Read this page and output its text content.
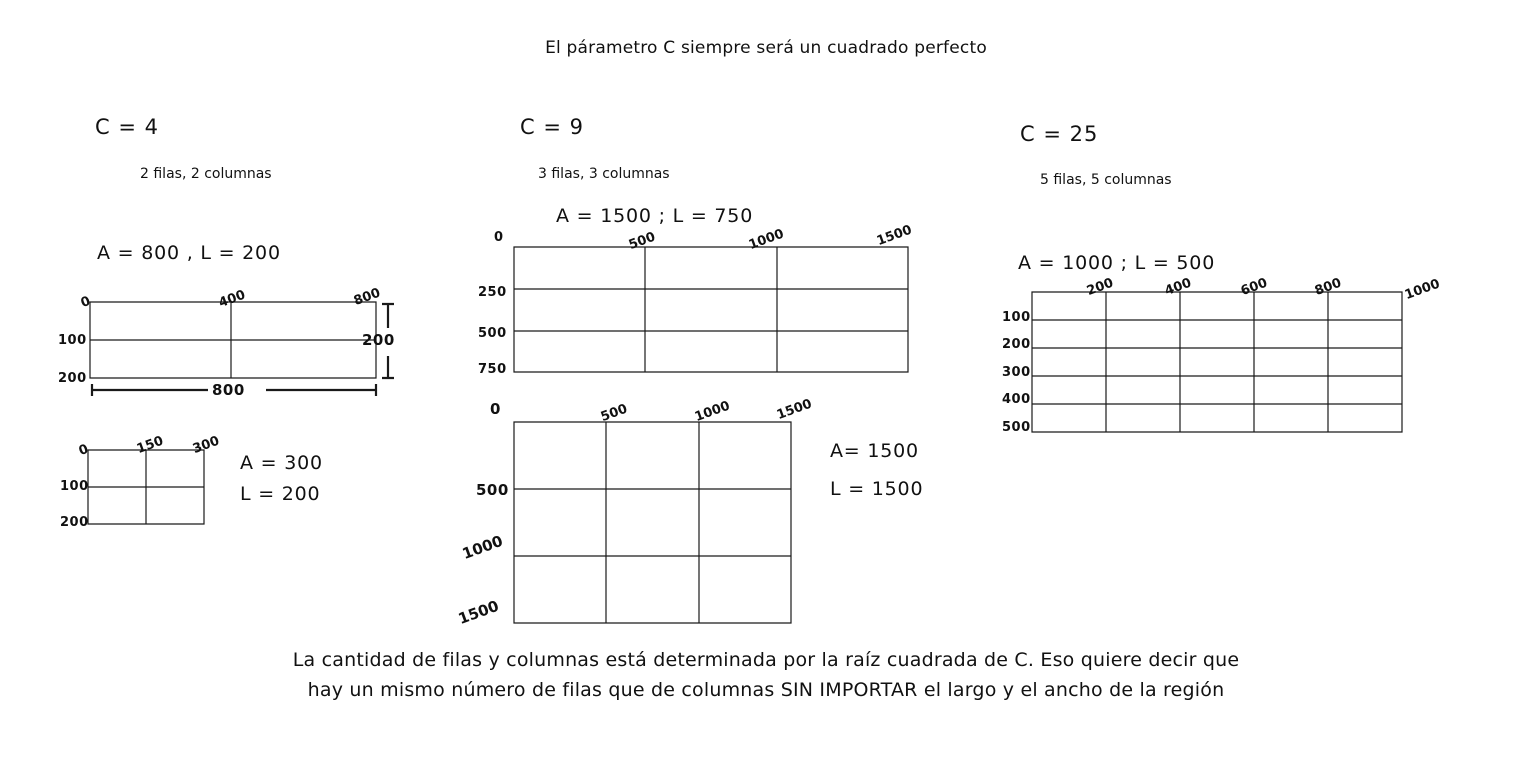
El párametro C siempre será un cuadrado perfecto
C = 4
2 filas, 2 columnas
A = 800 , L = 200
0	400	800

100
200
800
200
0	150 300
100
200
A = 300
L = 200
C = 9
3 filas, 3 columnas
A = 1500 ; L = 750
0	500	1000	1500
250
500
750
0	500	1000	1500
500
1000
1500
A= 1500
L = 1500
C = 25
5 filas, 5 columnas
A = 1000 ; L = 500
200	400	600	800	1000
100
200
300
400
500
La cantidad de filas y columnas está determinada por la raíz cuadrada de C. Eso quiere decir que
hay un mismo número de filas que de columnas SIN IMPORTAR el largo y el ancho de la región
